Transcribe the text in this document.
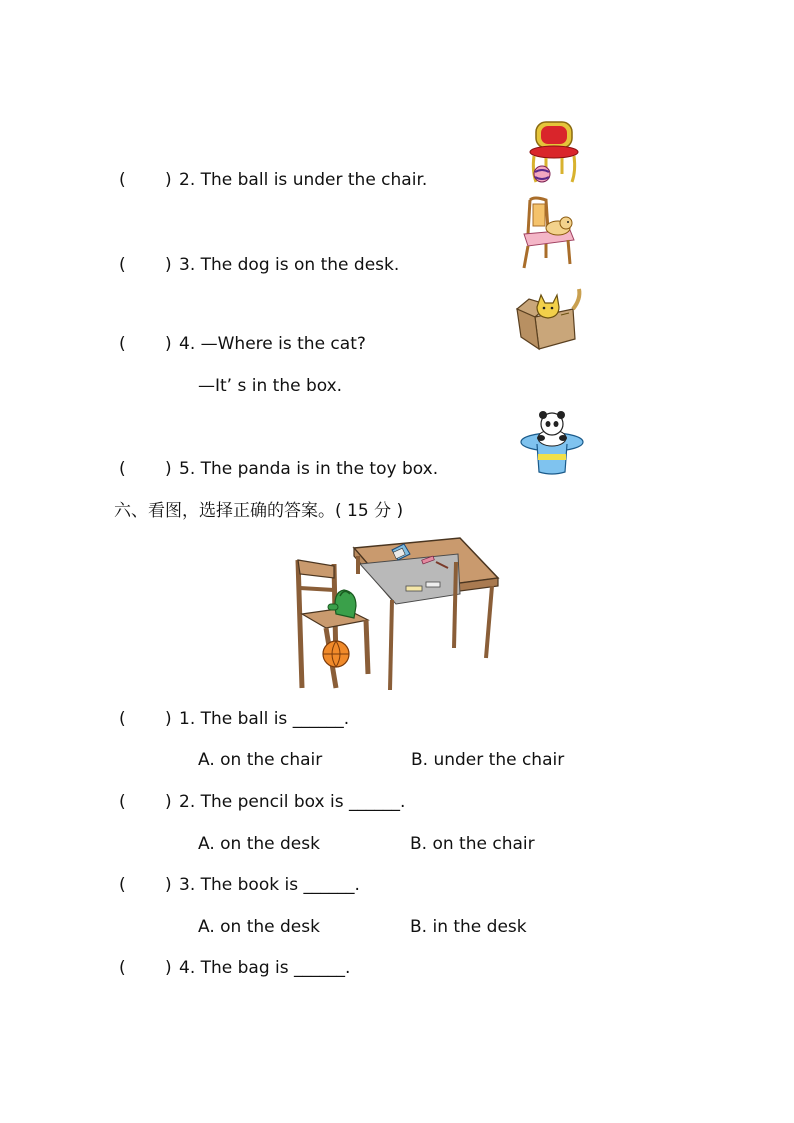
( ) 2. The ball is under the chair.
( ) 3. The dog is on the desk.
( ) 4. —Where is the cat?
—It’ s in the box.
( ) 5. The panda is in the toy box.
六、看图，选择正确的答案。( 15 分 )
( ) 1. The ball is ______.
A. on the chair	B. under the chair
( ) 2. The pencil box is ______.
A. on the desk	B. on the chair
( ) 3. The book is ______.
A. on the desk	B. in the desk
( ) 4. The bag is ______.
